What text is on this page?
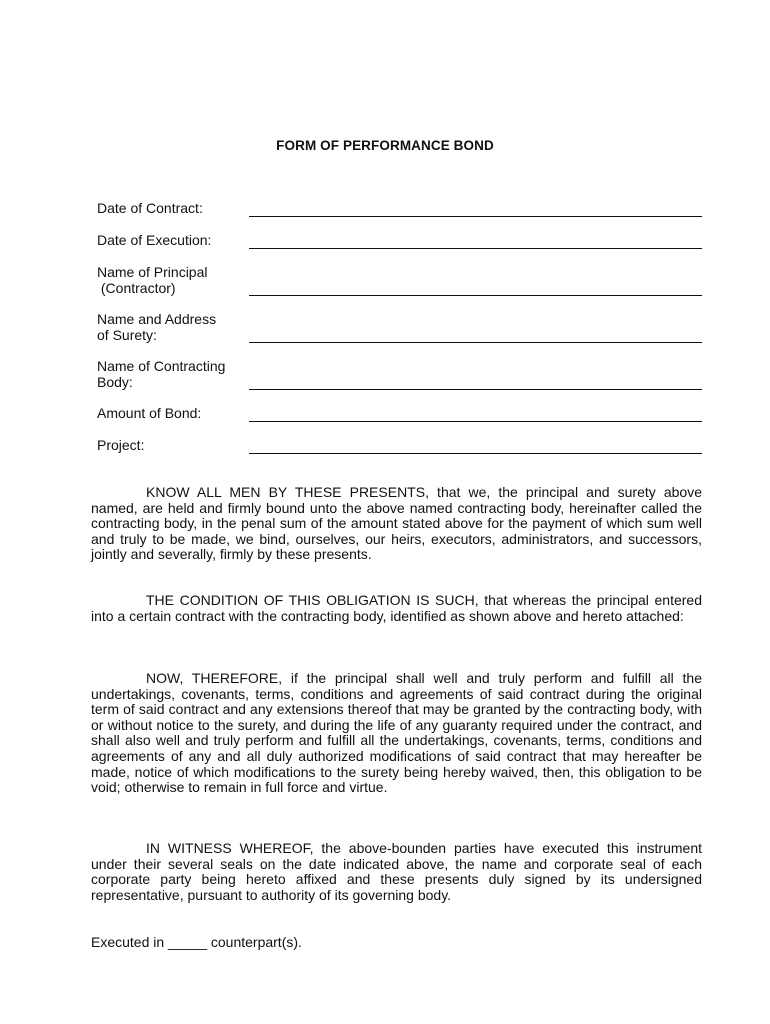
FORM OF PERFORMANCE BOND
Date of Contract:
Date of Execution:
Name of Principal
(Contractor)
Name and Address
of Surety:
Name of Contracting
Body:
Amount of Bond:
Project:

KNOW ALL MEN BY THESE PRESENTS, that we, the principal and surety above named, are held and firmly bound unto the above named contracting body, hereinafter called the contracting body, in the penal sum of the amount stated above for the payment of which sum well and truly to be made, we bind, ourselves, our heirs, executors, administrators, and successors, jointly and severally, firmly by these presents.

THE CONDITION OF THIS OBLIGATION IS SUCH, that whereas the principal entered into a certain contract with the contracting body, identified as shown above and hereto attached:

NOW, THEREFORE, if the principal shall well and truly perform and fulfill all the undertakings, covenants, terms, conditions and agreements of said contract during the original term of said contract and any extensions thereof that may be granted by the contracting body, with or without notice to the surety, and during the life of any guaranty required under the contract, and shall also well and truly perform and fulfill all the undertakings, covenants, terms, conditions and agreements of any and all duly authorized modifications of said contract that may hereafter be made, notice of which modifications to the surety being hereby waived, then, this obligation to be void; otherwise to remain in full force and virtue.

IN WITNESS WHEREOF, the above-bounden parties have executed this instrument under their several seals on the date indicated above, the name and corporate seal of each corporate party being hereto affixed and these presents duly signed by its undersigned representative, pursuant to authority of its governing body.

Executed in _____ counterpart(s).
